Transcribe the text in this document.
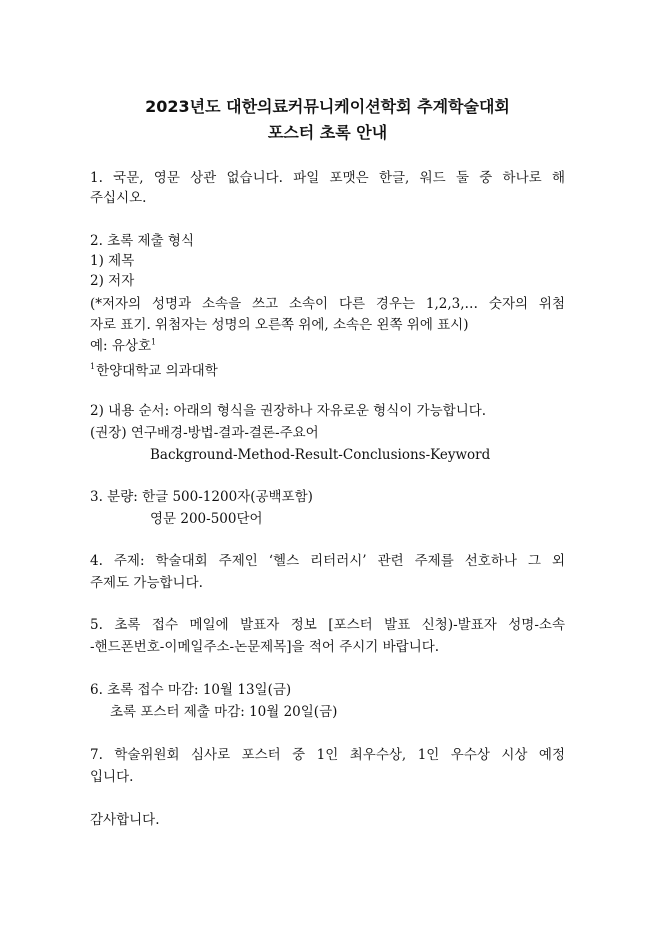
2023년도 대한의료커뮤니케이션학회 추계학술대회
포스터 초록 안내
1. 국문, 영문 상관 없습니다. 파일 포맷은 한글, 워드 둘 중 하나로 해
주십시오.
2. 초록 제출 형식
1) 제목
2) 저자
(*저자의 성명과 소속을 쓰고 소속이 다른 경우는 1,2,3,… 숫자의 위첨
자로 표기. 위첨자는 성명의 오른쪽 위에, 소속은 왼쪽 위에 표시)
예: 유상호$^1$
$^1$한양대학교 의과대학
2) 내용 순서: 아래의 형식을 권장하나 자유로운 형식이 가능합니다.
(권장) 연구배경-방법-결과-결론-주요어
Background-Method-Result-Conclusions-Keyword
3. 분량: 한글 500-1200자(공백포함)
영문 200-500단어
4. 주제: 학술대회 주제인 ‘헬스 리터러시’ 관련 주제를 선호하나 그 외
주제도 가능합니다.
5. 초록 접수 메일에 발표자 정보 [포스터 발표 신청)-발표자 성명-소속
-핸드폰번호-이메일주소-논문제목]을 적어 주시기 바랍니다.
6. 초록 접수 마감: 10월 13일(금)
초록 포스터 제출 마감: 10월 20일(금)
7. 학술위원회 심사로 포스터 중 1인 최우수상, 1인 우수상 시상 예정
입니다.
감사합니다.
